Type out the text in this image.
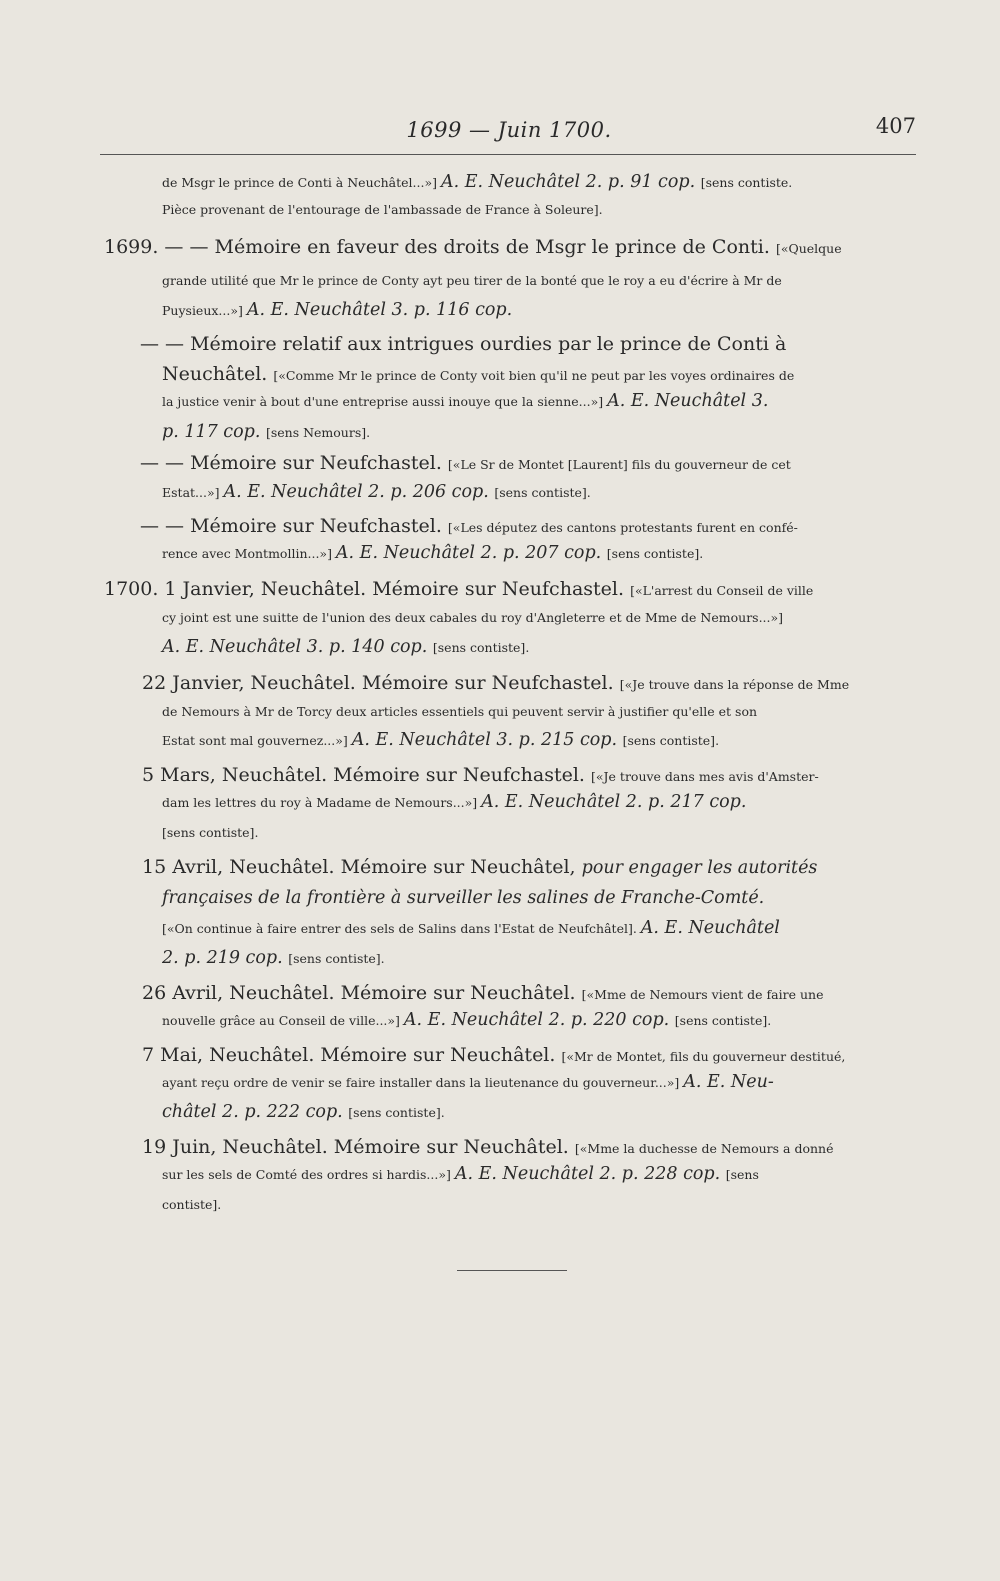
1699 — Juin 1700.	407
de Msgr le prince de Conti à Neuchâtel...»] A. E. Neuchâtel 2. p. 91 cop. [sens contiste.
Pièce provenant de l'entourage de l'ambassade de France à Soleure].
1699. — — Mémoire en faveur des droits de Msgr le prince de Conti. [«Quelque
grande utilité que Mr le prince de Conty ayt peu tirer de la bonté que le roy a eu d'écrire à Mr de
Puysieux...»] A. E. Neuchâtel 3. p. 116 cop.
— — Mémoire relatif aux intrigues ourdies par le prince de Conti à
Neuchâtel. [«Comme Mr le prince de Conty voit bien qu'il ne peut par les voyes ordinaires de
la justice venir à bout d'une entreprise aussi inouye que la sienne...»] A. E. Neuchâtel 3.
p. 117 cop. [sens Nemours].
— — Mémoire sur Neufchastel. [«Le Sr de Montet [Laurent] fils du gouverneur de cet
Estat...»] A. E. Neuchâtel 2. p. 206 cop. [sens contiste].
— — Mémoire sur Neufchastel. [«Les députez des cantons protestants furent en confé-
rence avec Montmollin...»] A. E. Neuchâtel 2. p. 207 cop. [sens contiste].
1700. 1 Janvier, Neuchâtel. Mémoire sur Neufchastel. [«L'arrest du Conseil de ville
cy joint est une suitte de l'union des deux cabales du roy d'Angleterre et de Mme de Nemours...»]
A. E. Neuchâtel 3. p. 140 cop. [sens contiste].
22 Janvier, Neuchâtel. Mémoire sur Neufchastel. [«Je trouve dans la réponse de Mme
de Nemours à Mr de Torcy deux articles essentiels qui peuvent servir à justifier qu'elle et son
Estat sont mal gouvernez...»] A. E. Neuchâtel 3. p. 215 cop. [sens contiste].
5 Mars, Neuchâtel. Mémoire sur Neufchastel. [«Je trouve dans mes avis d'Amster-
dam les lettres du roy à Madame de Nemours...»] A. E. Neuchâtel 2. p. 217 cop.
[sens contiste].
15 Avril, Neuchâtel. Mémoire sur Neuchâtel, pour engager les autorités
françaises de la frontière à surveiller les salines de Franche-Comté.
[«On continue à faire entrer des sels de Salins dans l'Estat de Neufchâtel]. A. E. Neuchâtel
2. p. 219 cop. [sens contiste].
26 Avril, Neuchâtel. Mémoire sur Neuchâtel. [«Mme de Nemours vient de faire une
nouvelle grâce au Conseil de ville...»] A. E. Neuchâtel 2. p. 220 cop. [sens contiste].
7 Mai, Neuchâtel. Mémoire sur Neuchâtel. [«Mr de Montet, fils du gouverneur destitué,
ayant reçu ordre de venir se faire installer dans la lieutenance du gouverneur...»] A. E. Neu-
châtel 2. p. 222 cop. [sens contiste].
19 Juin, Neuchâtel. Mémoire sur Neuchâtel. [«Mme la duchesse de Nemours a donné
sur les sels de Comté des ordres si hardis...»] A. E. Neuchâtel 2. p. 228 cop. [sens
contiste].
